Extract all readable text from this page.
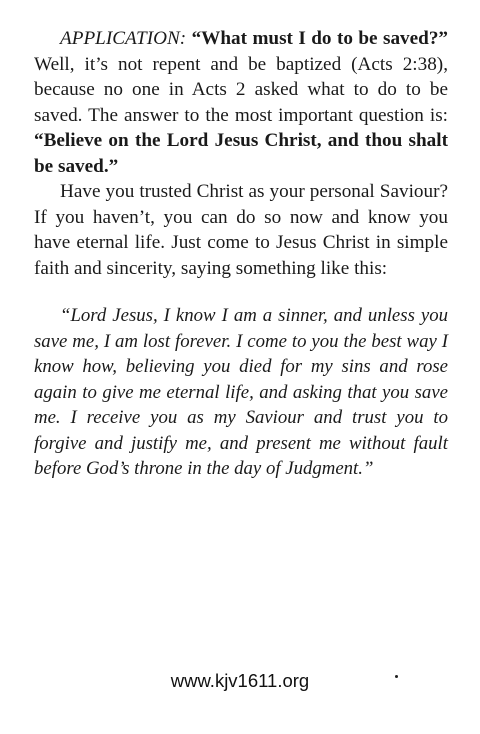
APPLICATION: “What must I do to be saved?” Well, it’s not repent and be baptized (Acts 2:38), because no one in Acts 2 asked what to do to be saved. The answer to the most important question is: “Believe on the Lord Jesus Christ, and thou shalt be saved.”

Have you trusted Christ as your personal Saviour? If you haven’t, you can do so now and know you have eternal life. Just come to Jesus Christ in simple faith and sincerity, saying something like this:

“Lord Jesus, I know I am a sinner, and unless you save me, I am lost forever. I come to you the best way I know how, believing you died for my sins and rose again to give me eternal life, and asking that you save me. I receive you as my Saviour and trust you to forgive and justify me, and present me without fault before God’s throne in the day of Judgment.”

www.kjv1611.org
